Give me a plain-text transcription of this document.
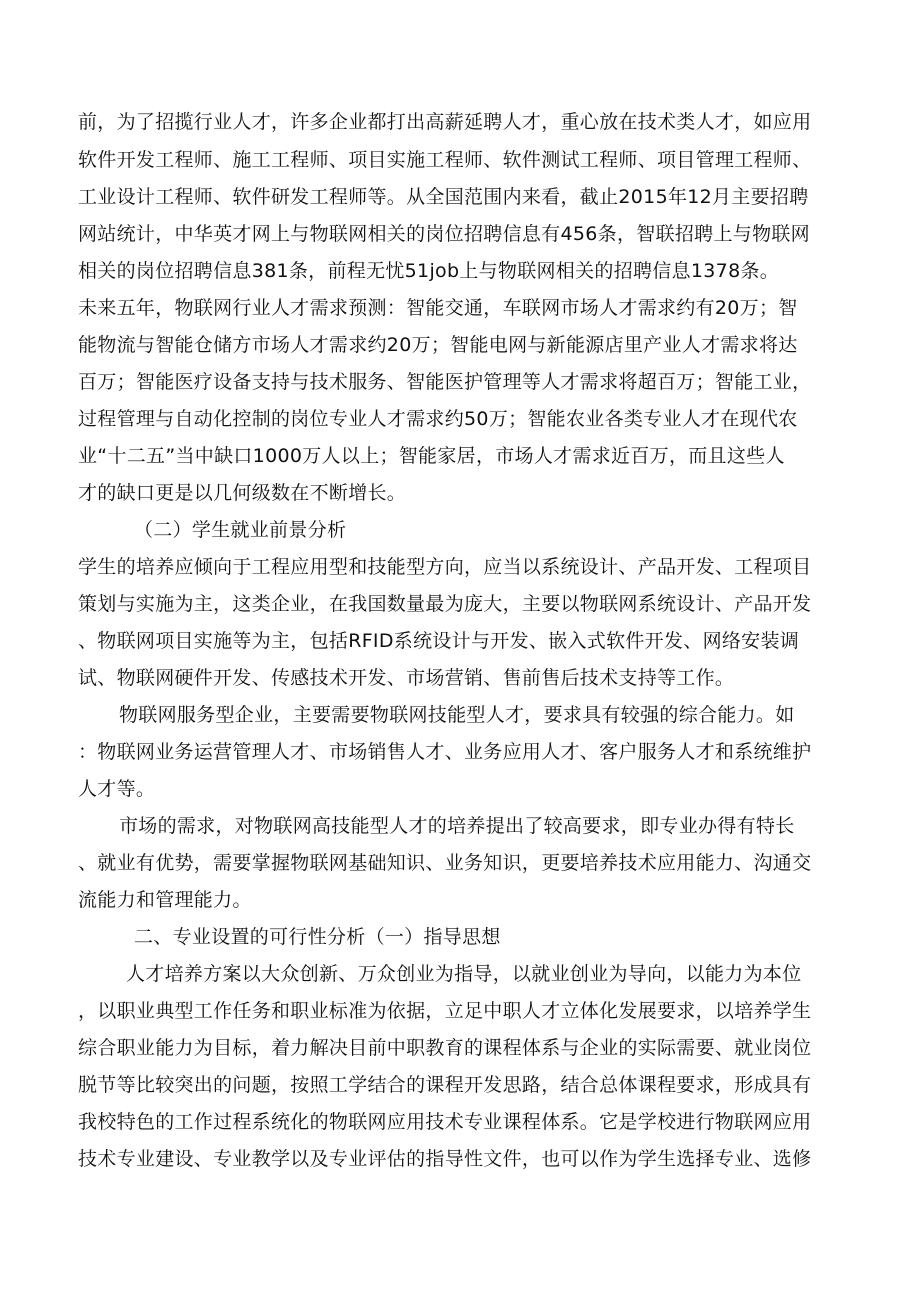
前，为了招揽行业人才，许多企业都打出高薪延聘人才，重心放在技术类人才，如应用
软件开发工程师、施工工程师、项目实施工程师、软件测试工程师、项目管理工程师、
工业设计工程师、软件研发工程师等。从全国范围内来看，截止2015年12月主要招聘
网站统计，中华英才网上与物联网相关的岗位招聘信息有456条，智联招聘上与物联网
相关的岗位招聘信息381条，前程无忧51job上与物联网相关的招聘信息1378条。
未来五年，物联网行业人才需求预测：智能交通，车联网市场人才需求约有20万；智
能物流与智能仓储方市场人才需求约20万；智能电网与新能源店里产业人才需求将达
百万；智能医疗设备支持与技术服务、智能医护管理等人才需求将超百万；智能工业，
过程管理与自动化控制的岗位专业人才需求约50万；智能农业各类专业人才在现代农
业“十二五”当中缺口1000万人以上；智能家居，市场人才需求近百万，而且这些人
才的缺口更是以几何级数在不断增长。
（二）学生就业前景分析
学生的培养应倾向于工程应用型和技能型方向，应当以系统设计、产品开发、工程项目
策划与实施为主，这类企业，在我国数量最为庞大，主要以物联网系统设计、产品开发
、物联网项目实施等为主，包括RFID系统设计与开发、嵌入式软件开发、网络安装调
试、物联网硬件开发、传感技术开发、市场营销、售前售后技术支持等工作。
物联网服务型企业，主要需要物联网技能型人才，要求具有较强的综合能力。如
：物联网业务运营管理人才、市场销售人才、业务应用人才、客户服务人才和系统维护
人才等。
市场的需求，对物联网高技能型人才的培养提出了较高要求，即专业办得有特长
、就业有优势，需要掌握物联网基础知识、业务知识，更要培养技术应用能力、沟通交
流能力和管理能力。
二、专业设置的可行性分析（一）指导思想
人才培养方案以大众创新、万众创业为指导，以就业创业为导向，以能力为本位
，以职业典型工作任务和职业标准为依据，立足中职人才立体化发展要求，以培养学生
综合职业能力为目标，着力解决目前中职教育的课程体系与企业的实际需要、就业岗位
脱节等比较突出的问题，按照工学结合的课程开发思路，结合总体课程要求，形成具有
我校特色的工作过程系统化的物联网应用技术专业课程体系。它是学校进行物联网应用
技术专业建设、专业教学以及专业评估的指导性文件，也可以作为学生选择专业、选修
